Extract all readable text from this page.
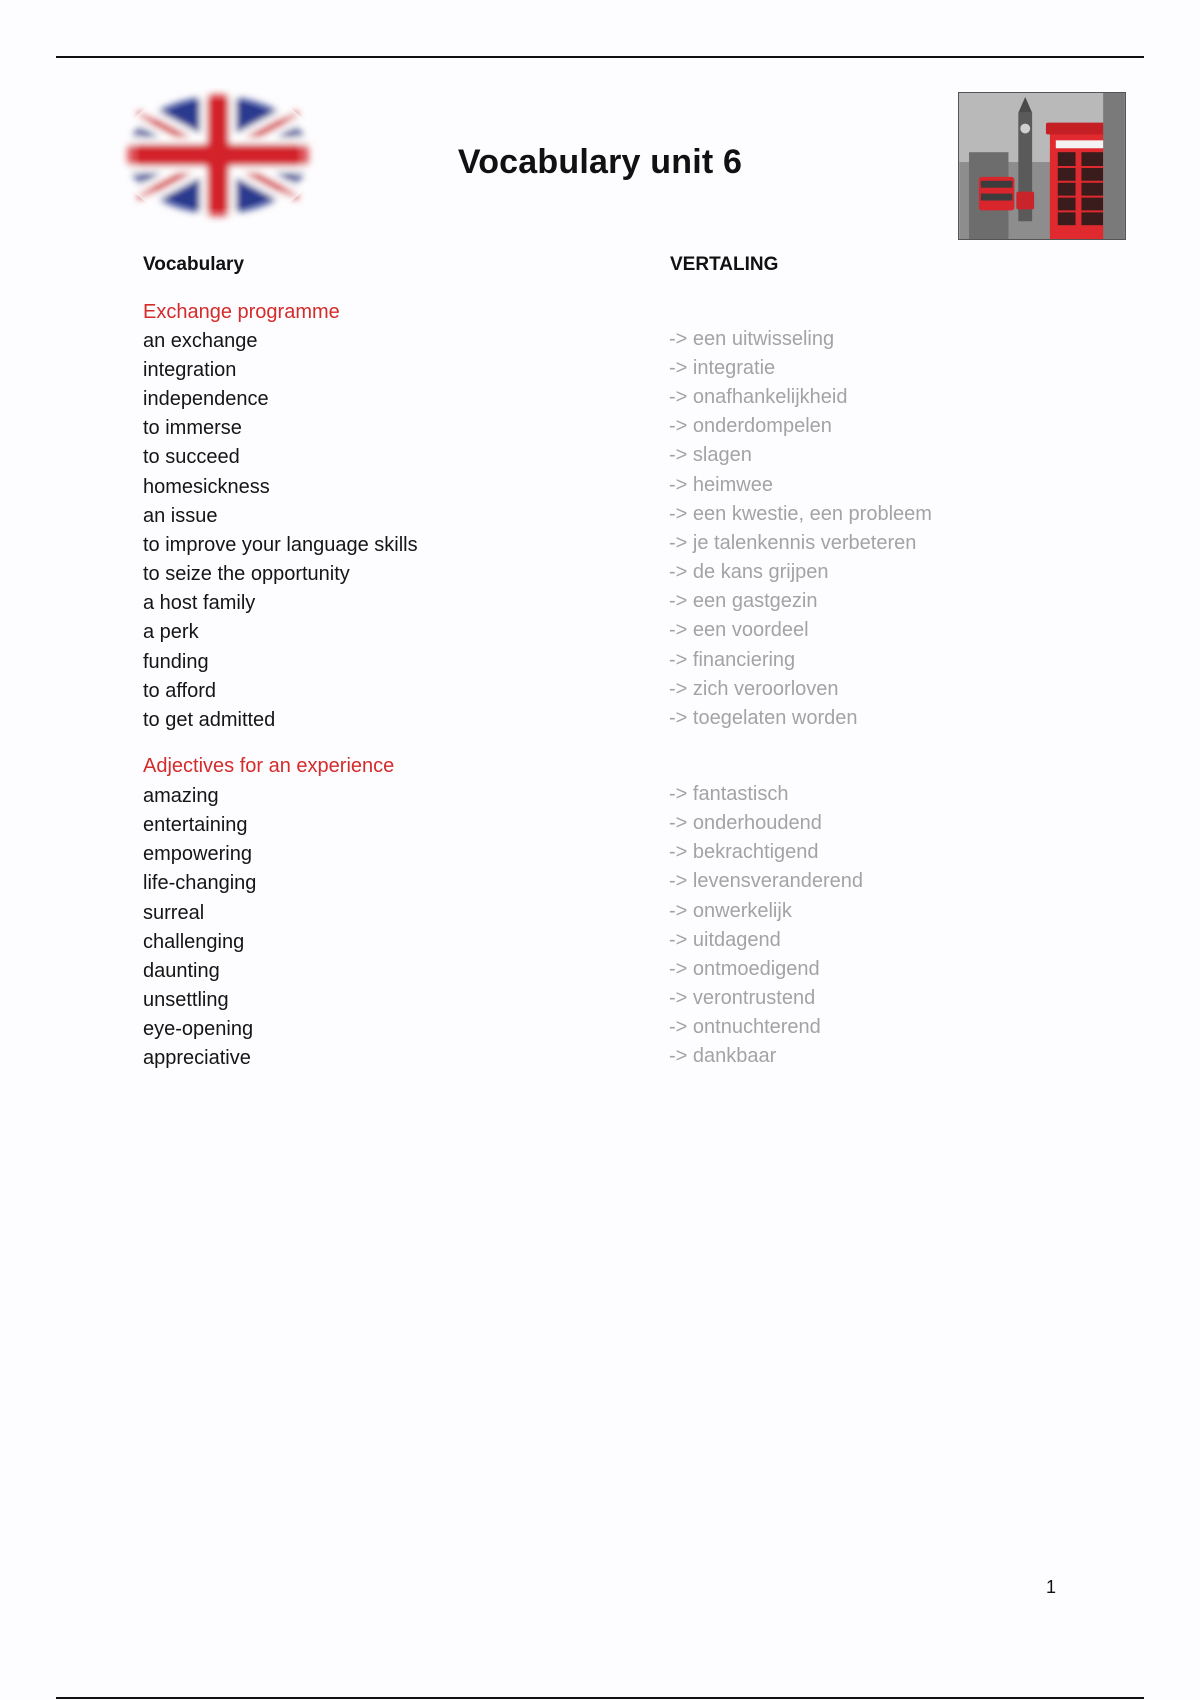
Vocabulary unit 6
Vocabulary	VERTALING
Exchange programme
an exchange	-> een uitwisseling
integration	-> integratie
independence	-> onafhankelijkheid
to immerse	-> onderdompelen
to succeed	-> slagen
homesickness	-> heimwee
an issue	-> een kwestie, een probleem
to improve your language skills	-> je talenkennis verbeteren
to seize the opportunity	-> de kans grijpen
a host family	-> een gastgezin
a perk	-> een voordeel
funding	-> financiering
to afford	-> zich veroorloven
to get admitted	-> toegelaten worden
Adjectives for an experience
amazing	-> fantastisch
entertaining	-> onderhoudend
empowering	-> bekrachtigend
life-changing	-> levensveranderend
surreal	-> onwerkelijk
challenging	-> uitdagend
daunting	-> ontmoedigend
unsettling	-> verontrustend
eye-opening	-> ontnuchterend
appreciative	-> dankbaar
1
